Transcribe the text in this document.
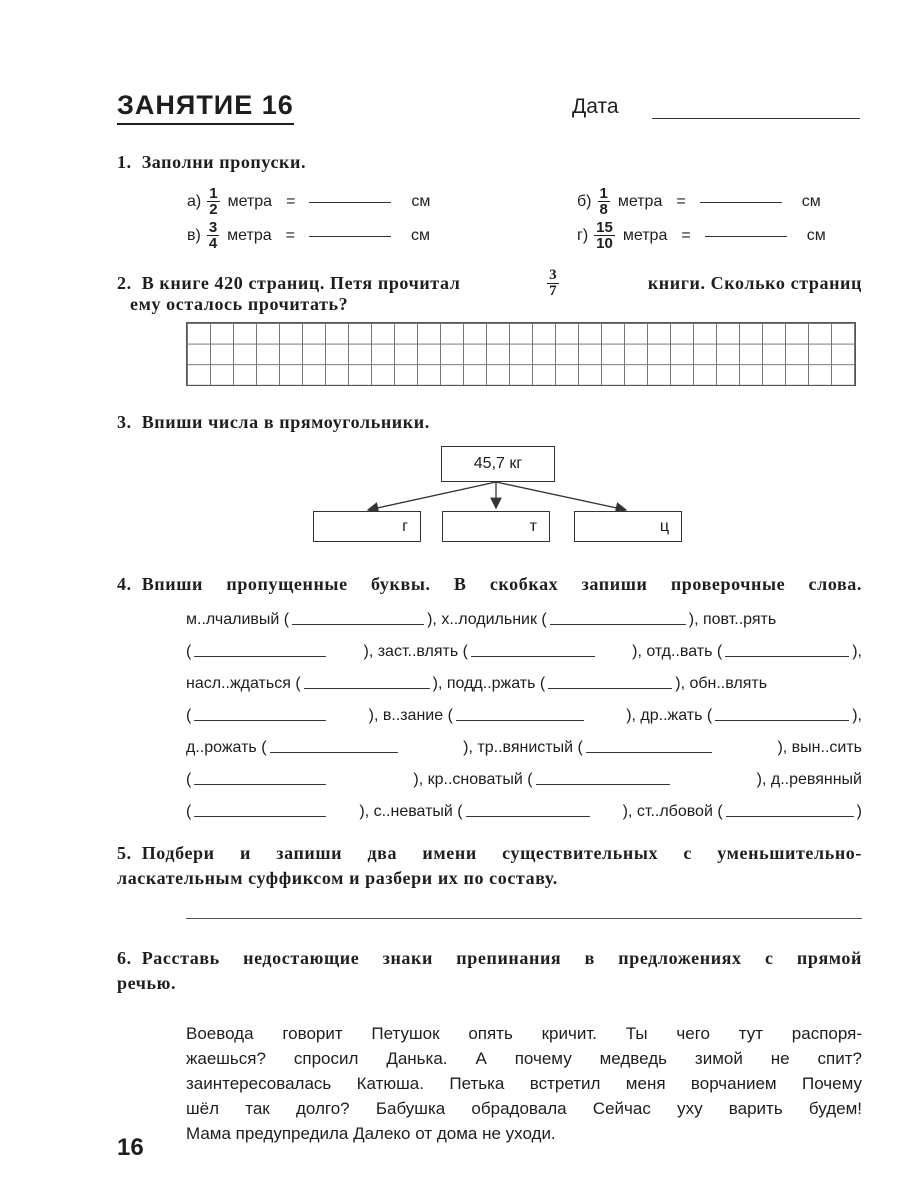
ЗАНЯТИЕ 16	Дата
1. Заполни пропуски.
$а) \frac{1}{2}$ метра =	см	$б) \frac{1}{8}$ метра =	см
$в) \frac{3}{4}$ метра =	см	$г) \frac{15}{10}$ метра =	см
2. В книге 420 страниц. Петя прочитал	$\frac{3}{7}$	книги. Сколько страниц
ему осталось прочитать?
3. Впиши числа в прямоугольники.
45,7 кг
г	т	ц
4. Впиши пропущенные буквы. В скобках запиши проверочные слова.
м..лчаливый (	), х..лодильник (	), повт..рять
(	), заст..влять (	), отд..вать (	),
насл..ждаться (	), подд..ржать (	), обн..влять
(	), в..зание (	), др..жать (	),
д..рожать (	), тр..вянистый (	), вын..сить
(	), кр..сноватый (	), д..ревянный
(	), с..неватый (	), ст..лбовой (	)
5. Подбери и запиши два имени существительных с уменьшительно-
ласкательным суффиксом и разбери их по составу.
6. Расставь недостающие знаки препинания в предложениях с прямой
речью.
Воевода говорит Петушок опять кричит. Ты чего тут распоря-
жаешься? спросил Данька. А почему медведь зимой не спит?
заинтересовалась Катюша. Петька встретил меня ворчанием Почему
шёл так долго? Бабушка обрадовала Сейчас уху варить будем!
Мама предупредила Далеко от дома не уходи.
16
